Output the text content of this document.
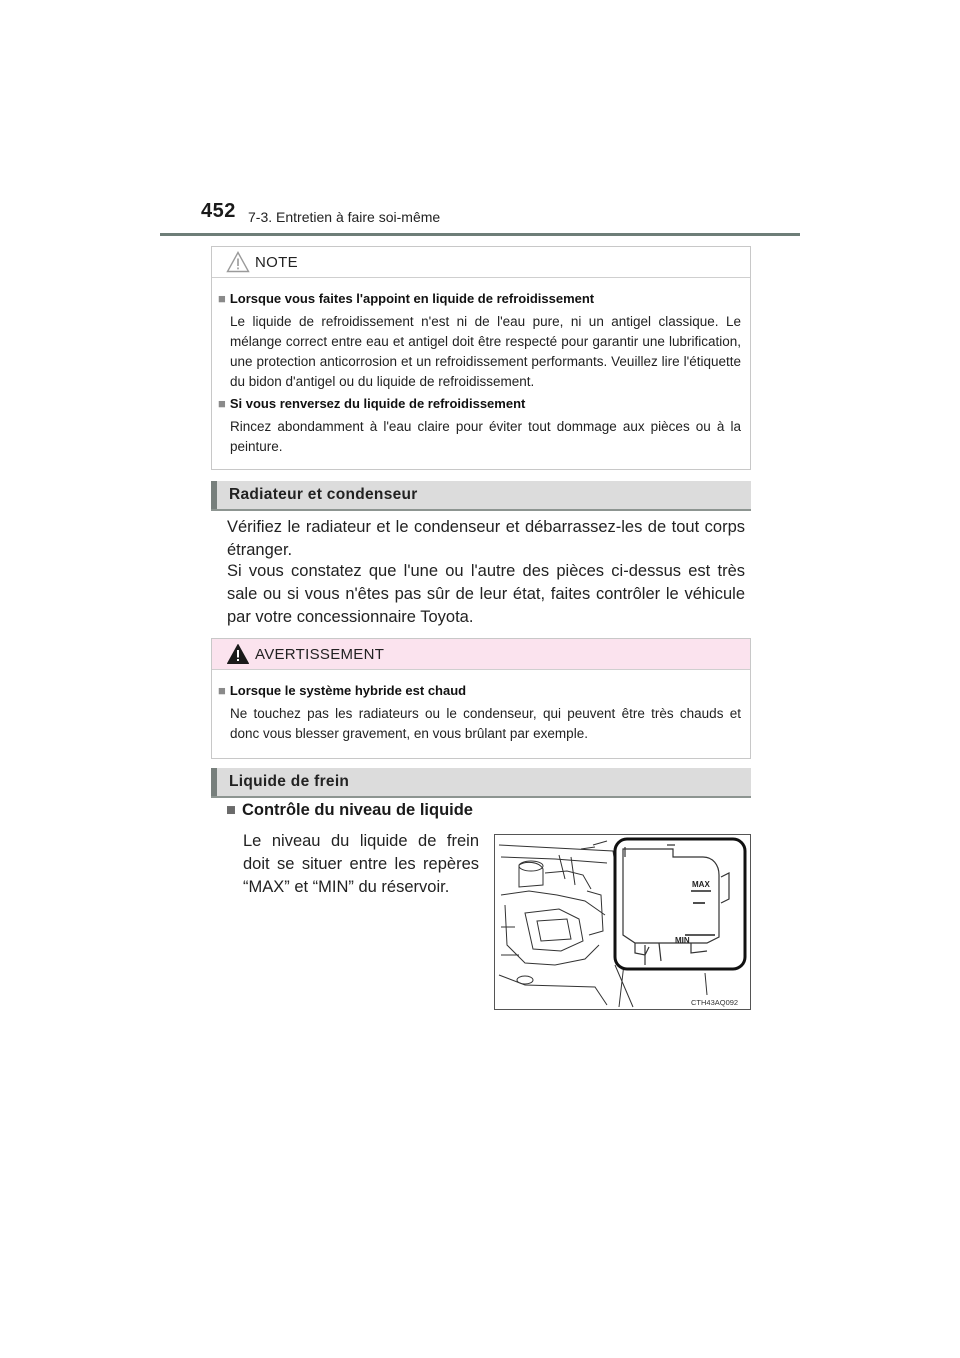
452 7-3. Entretien à faire soi-même
NOTE

■ Lorsque vous faites l'appoint en liquide de refroidissement

Le liquide de refroidissement n'est ni de l'eau pure, ni un antigel classique. Le mélange correct entre eau et antigel doit être respecté pour garantir une lubrification, une protection anticorrosion et un refroidissement performants. Veuillez lire l'étiquette du bidon d'antigel ou du liquide de refroidissement.

■ Si vous renversez du liquide de refroidissement

Rincez abondamment à l'eau claire pour éviter tout dommage aux pièces ou à la peinture.

Radiateur et condenseur

Vérifiez le radiateur et le condenseur et débarrassez-les de tout corps étranger.

Si vous constatez que l'une ou l'autre des pièces ci-dessus est très sale ou si vous n'êtes pas sûr de leur état, faites contrôler le véhicule par votre concessionnaire Toyota.

AVERTISSEMENT

■ Lorsque le système hybride est chaud

Ne touchez pas les radiateurs ou le condenseur, qui peuvent être très chauds et donc vous blesser gravement, en vous brûlant par exemple.

Liquide de frein
■ Contrôle du niveau de liquide

Le niveau du liquide de frein doit se situer entre les repères “MAX” et “MIN” du réservoir.	MAX
MIN
CTH43AQ092
